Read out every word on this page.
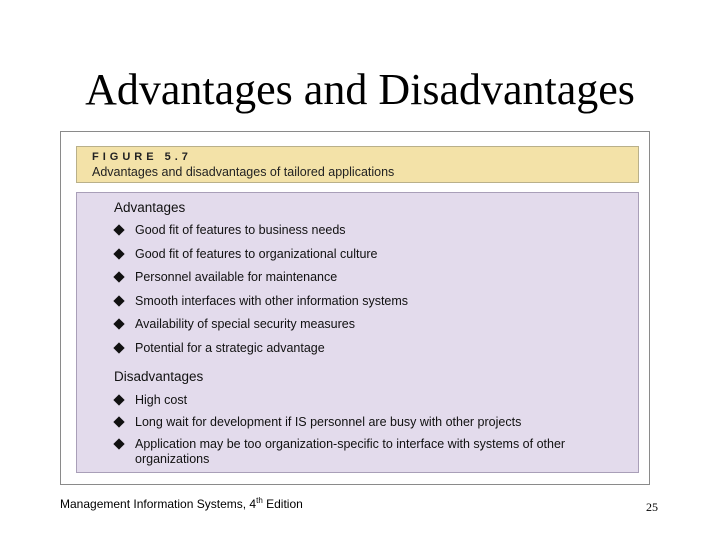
Advantages and Disadvantages
FIGURE 5.7
Advantages and disadvantages of tailored applications
Advantages
Good fit of features to business needs
Good fit of features to organizational culture
Personnel available for maintenance
Smooth interfaces with other information systems
Availability of special security measures
Potential for a strategic advantage
Disadvantages
High cost
Long wait for development if IS personnel are busy with other projects
Application may be too organization-specific to interface with systems of other organizations
Management Information Systems, 4th Edition	25
